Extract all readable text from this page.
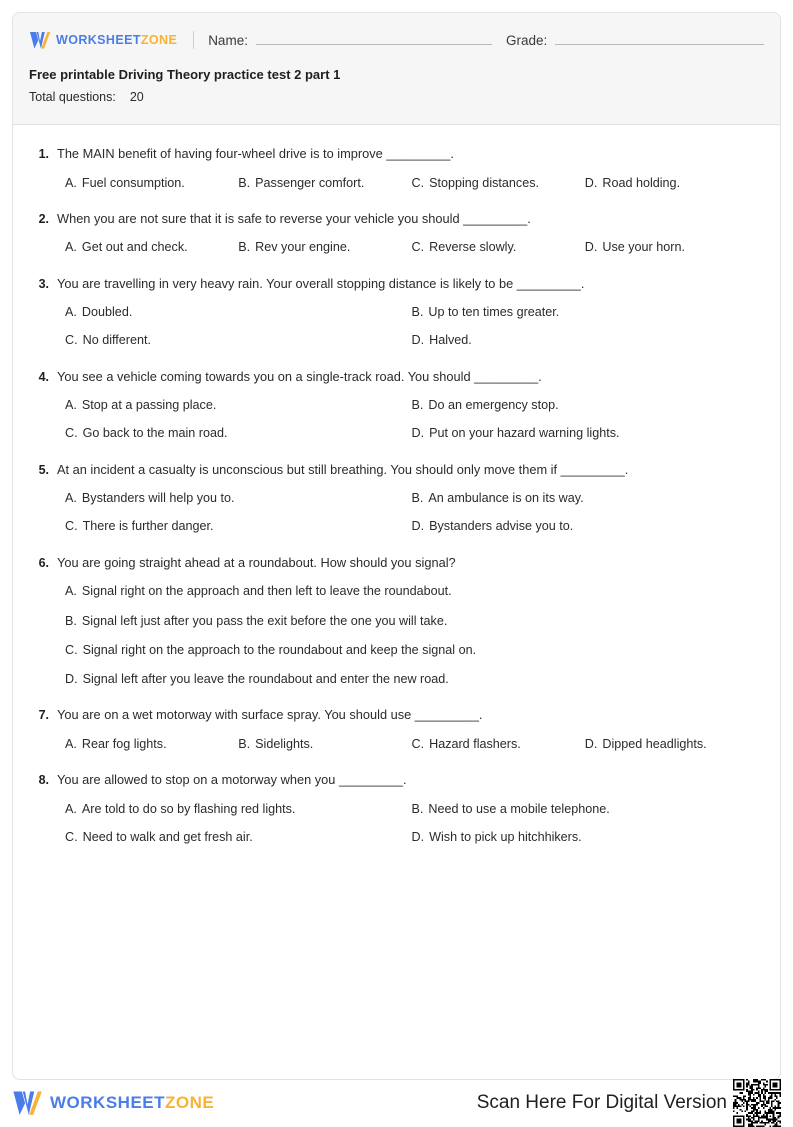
WORKSHEETZONE Name:	Grade:
Free printable Driving Theory practice test 2 part 1
Total questions: 20
1. The MAIN benefit of having four-wheel drive is to improve _________.
A. Fuel consumption.	B. Passenger comfort.	C. Stopping distances.	D. Road holding.
2. When you are not sure that it is safe to reverse your vehicle you should _________.
A. Get out and check.	B. Rev your engine.	C. Reverse slowly.	D. Use your horn.
3. You are travelling in very heavy rain. Your overall stopping distance is likely to be _________.
A. Doubled.	B. Up to ten times greater.
C. No different.	D. Halved.
4. You see a vehicle coming towards you on a single-track road. You should _________.
A. Stop at a passing place.	B. Do an emergency stop.
C. Go back to the main road.	D. Put on your hazard warning lights.
5. At an incident a casualty is unconscious but still breathing. You should only move them if _________.
A. Bystanders will help you to.	B. An ambulance is on its way.
C. There is further danger.	D. Bystanders advise you to.
6. You are going straight ahead at a roundabout. How should you signal?
A. Signal right on the approach and then left to leave the roundabout.
B. Signal left just after you pass the exit before the one you will take.
C. Signal right on the approach to the roundabout and keep the signal on.
D. Signal left after you leave the roundabout and enter the new road.
7. You are on a wet motorway with surface spray. You should use _________.
A. Rear fog lights.	B. Sidelights.	C. Hazard flashers.	D. Dipped headlights.
8. You are allowed to stop on a motorway when you _________.
A. Are told to do so by flashing red lights.	B. Need to use a mobile telephone.
C. Need to walk and get fresh air.	D. Wish to pick up hitchhikers.
WORKSHEETZONE	Scan Here For Digital Version
